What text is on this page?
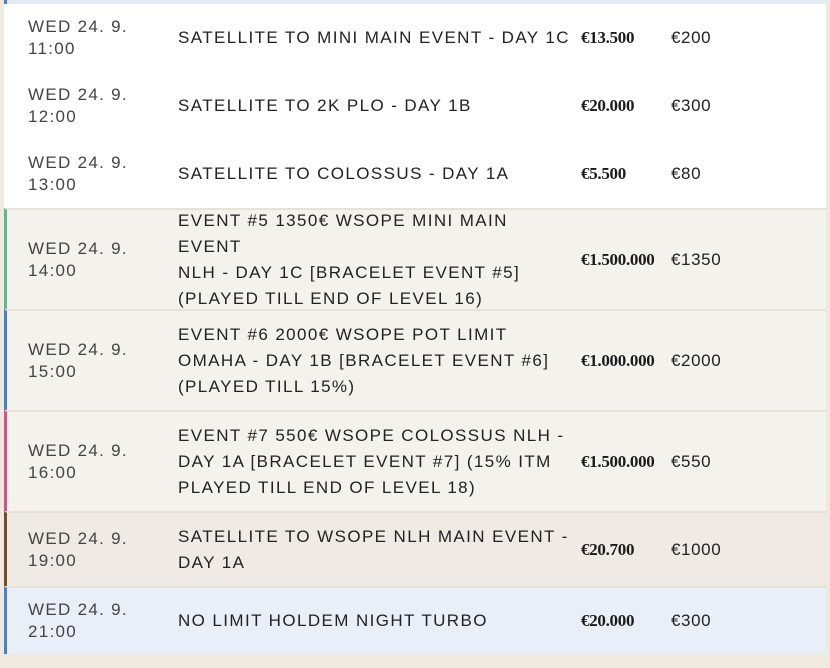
WED 24. 9.
11:00
SATELLITE TO MINI MAIN EVENT - DAY 1C €13.500	€200
WED 24. 9.
12:00
SATELLITE TO 2K PLO - DAY 1B	€20.000	€300
WED 24. 9.
13:00
SATELLITE TO COLOSSUS - DAY 1A	€5.500	€80
WED 24. 9.
14:00
EVENT #5 1350€ WSOPE MINI MAIN EVENT
NLH - DAY 1C [BRACELET EVENT #5]
(PLAYED TILL END OF LEVEL 16)
€1.500.000 €1350
WED 24. 9.
15:00
EVENT #6 2000€ WSOPE POT LIMIT
OMAHA - DAY 1B [BRACELET EVENT #6]
(PLAYED TILL 15%)
€1.000.000 €2000
WED 24. 9.
16:00
EVENT #7 550€ WSOPE COLOSSUS NLH -
DAY 1A [BRACELET EVENT #7] (15% ITM
PLAYED TILL END OF LEVEL 18)
€1.500.000 €550
WED 24. 9.
19:00
SATELLITE TO WSOPE NLH MAIN EVENT -
DAY 1A
€20.700	€1000
WED 24. 9.
21:00
NO LIMIT HOLDEM NIGHT TURBO	€20.000	€300
